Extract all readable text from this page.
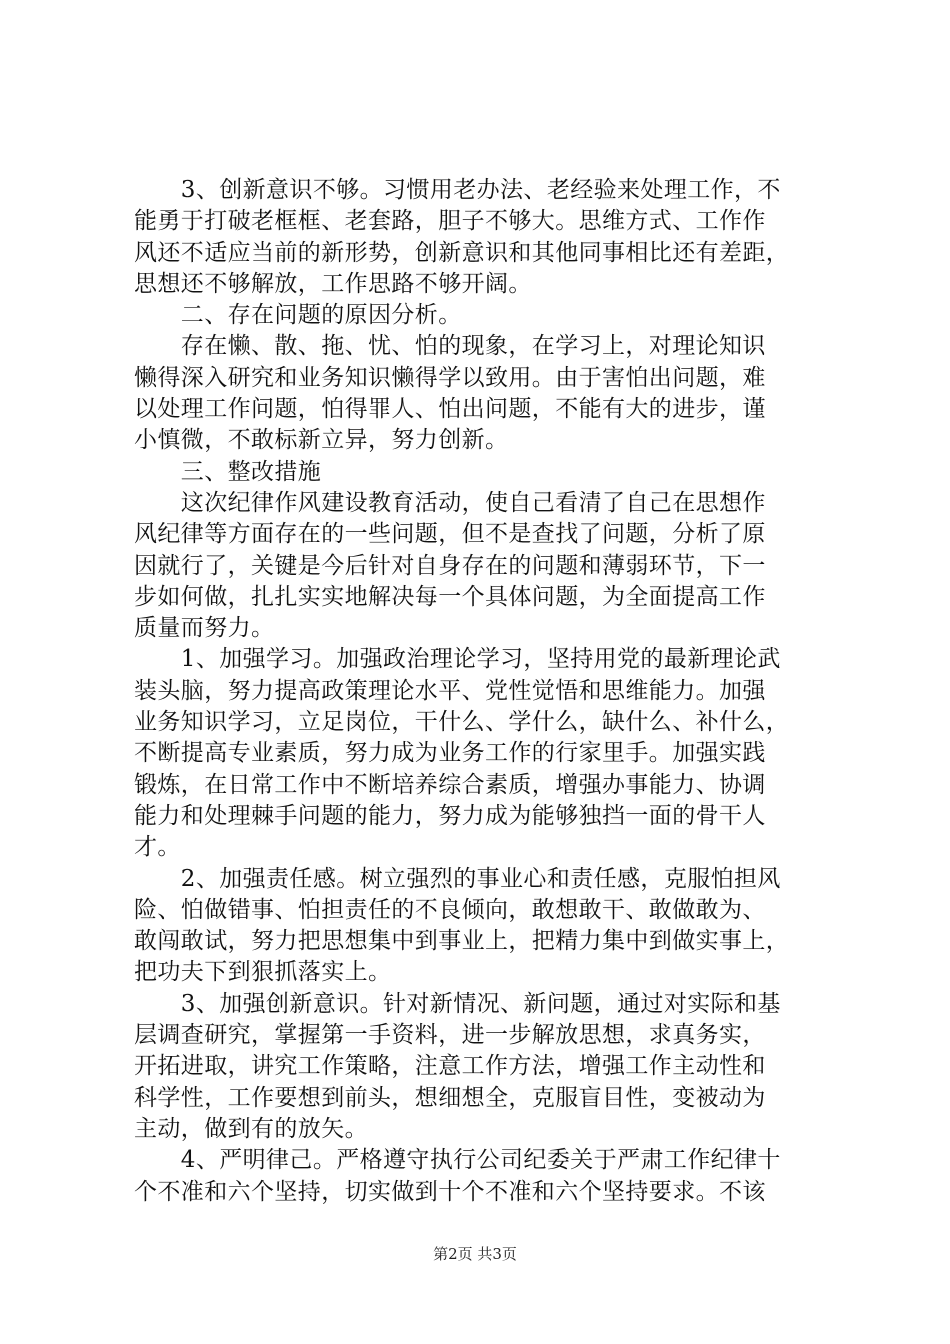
　　3、创新意识不够。习惯用老办法、老经验来处理工作，不
能勇于打破老框框、老套路，胆子不够大。思维方式、工作作
风还不适应当前的新形势，创新意识和其他同事相比还有差距，
思想还不够解放，工作思路不够开阔。
　　二、存在问题的原因分析。
　　存在懒、散、拖、忧、怕的现象，在学习上，对理论知识
懒得深入研究和业务知识懒得学以致用。由于害怕出问题，难
以处理工作问题，怕得罪人、怕出问题，不能有大的进步，谨
小慎微，不敢标新立异，努力创新。
　　三、整改措施
　　这次纪律作风建设教育活动，使自己看清了自己在思想作
风纪律等方面存在的一些问题，但不是查找了问题，分析了原
因就行了，关键是今后针对自身存在的问题和薄弱环节，下一
步如何做，扎扎实实地解决每一个具体问题，为全面提高工作
质量而努力。
　　1、加强学习。加强政治理论学习，坚持用党的最新理论武
装头脑，努力提高政策理论水平、党性觉悟和思维能力。加强
业务知识学习，立足岗位，干什么、学什么，缺什么、补什么，
不断提高专业素质，努力成为业务工作的行家里手。加强实践
锻炼，在日常工作中不断培养综合素质，增强办事能力、协调
能力和处理棘手问题的能力，努力成为能够独挡一面的骨干人
才。
　　2、加强责任感。树立强烈的事业心和责任感，克服怕担风
险、怕做错事、怕担责任的不良倾向，敢想敢干、敢做敢为、
敢闯敢试，努力把思想集中到事业上，把精力集中到做实事上，
把功夫下到狠抓落实上。
　　3、加强创新意识。针对新情况、新问题，通过对实际和基
层调查研究，掌握第一手资料，进一步解放思想，求真务实，
开拓进取，讲究工作策略，注意工作方法，增强工作主动性和
科学性，工作要想到前头，想细想全，克服盲目性，变被动为
主动，做到有的放矢。
　　4、严明律己。严格遵守执行公司纪委关于严肃工作纪律十
个不准和六个坚持，切实做到十个不准和六个坚持要求。不该
第2页 共3页
